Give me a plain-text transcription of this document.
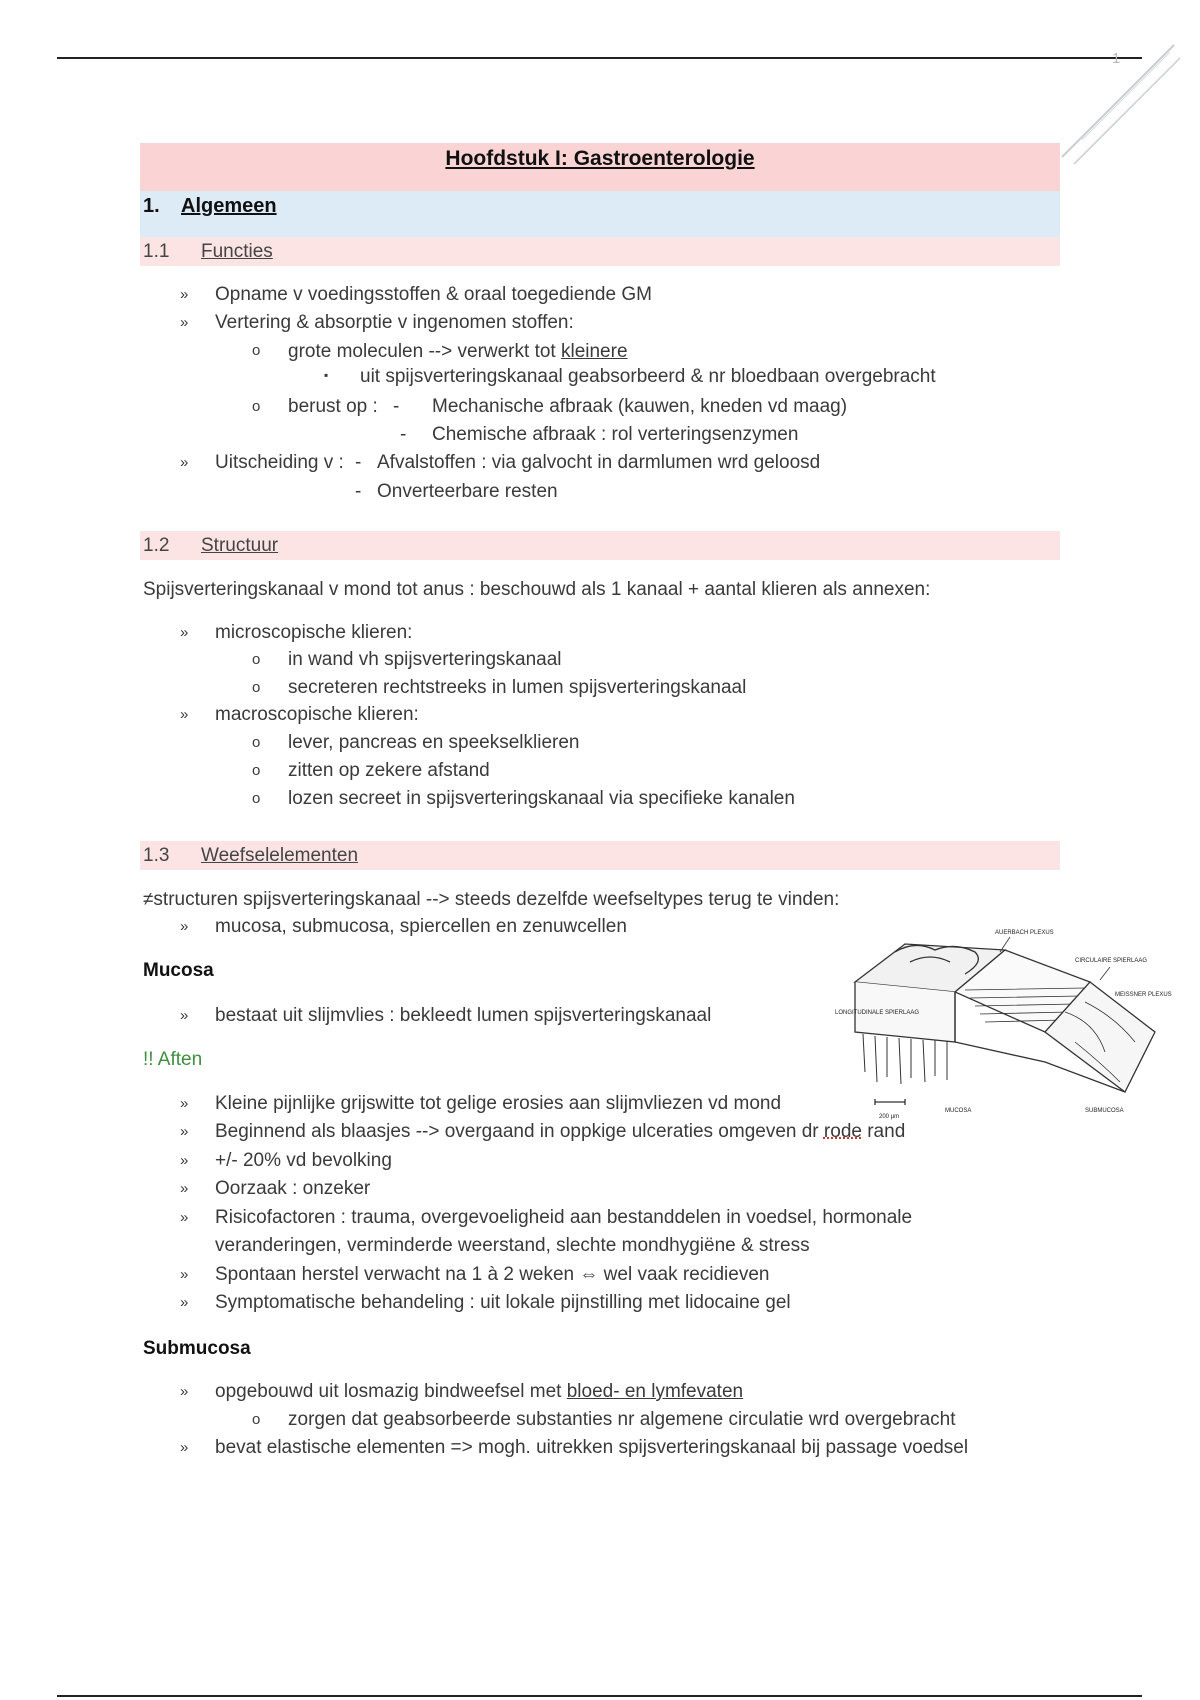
1
Hoofdstuk I: Gastroenterologie
1. Algemeen
1.1 Functies
» Opname v voedingsstoffen & oraal toegediende GM
» Vertering & absorptie v ingenomen stoffen:
o grote moleculen --> verwerkt tot kleinere
▪ uit spijsverteringskanaal geabsorbeerd & nr bloedbaan overgebracht
o berust op : - Mechanische afbraak (kauwen, kneden vd maag)
- Chemische afbraak : rol verteringsenzymen
» Uitscheiding v : - Afvalstoffen : via galvocht in darmlumen wrd geloosd
- Onverteerbare resten
1.2 Structuur
Spijsverteringskanaal v mond tot anus : beschouwd als 1 kanaal + aantal klieren als annexen:
» microscopische klieren:
o in wand vh spijsverteringskanaal
o secreteren rechtstreeks in lumen spijsverteringskanaal
» macroscopische klieren:
o lever, pancreas en speekselklieren
o zitten op zekere afstand
o lozen secreet in spijsverteringskanaal via specifieke kanalen
1.3 Weefselelementen
≠structuren spijsverteringskanaal --> steeds dezelfde weefseltypes terug te vinden:
» mucosa, submucosa, spiercellen en zenuwcellen
Mucosa
» bestaat uit slijmvlies : bekleedt lumen spijsverteringskanaal
!! Aften
» Kleine pijnlijke grijswitte tot gelige erosies aan slijmvliezen vd mond
» Beginnend als blaasjes --> overgaand in oppkige ulceraties omgeven dr rode rand
» +/- 20% vd bevolking
» Oorzaak : onzeker
» Risicofactoren : trauma, overgevoeligheid aan bestanddelen in voedsel, hormonale
veranderingen, verminderde weerstand, slechte mondhygiëne & stress
» Spontaan herstel verwacht na 1 à 2 weken ⇔ wel vaak recidieven
» Symptomatische behandeling : uit lokale pijnstilling met lidocaine gel
Submucosa
» opgebouwd uit losmazig bindweefsel met bloed- en lymfevaten
o zorgen dat geabsorbeerde substanties nr algemene circulatie wrd overgebracht
» bevat elastische elementen => mogh. uitrekken spijsverteringskanaal bij passage voedsel
AUERBACH PLEXUS
CIRCULAIRE SPIERLAAG
MEISSNER PLEXUS
LONGITUDINALE SPIERLAAG
200 µm
MUCOSA	SUBMUCOSA
